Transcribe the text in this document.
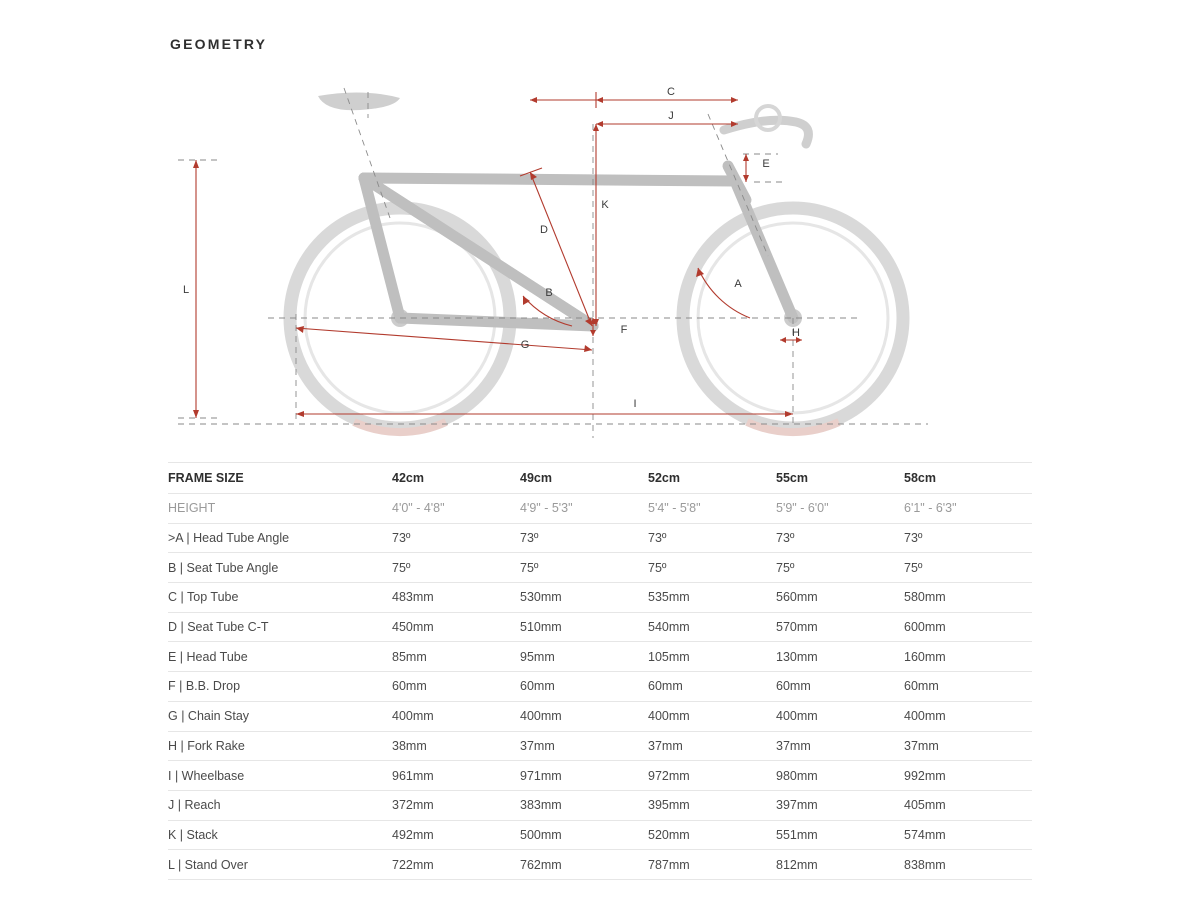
GEOMETRY
C
J
E
K
D
B
A
G
F	H
I
L
FRAME SIZE	42cm	49cm	52cm	55cm	58cm
HEIGHT	4'0" - 4'8"	4'9" - 5'3"	5'4" - 5'8"	5'9" - 6'0"	6'1" - 6'3"
>A | Head Tube Angle	73º	73º	73º	73º	73º
B | Seat Tube Angle	75º	75º	75º	75º	75º
C | Top Tube	483mm	530mm	535mm	560mm	580mm
D | Seat Tube C-T	450mm	510mm	540mm	570mm	600mm
E | Head Tube	85mm	95mm	105mm	130mm	160mm
F | B.B. Drop	60mm	60mm	60mm	60mm	60mm
G | Chain Stay	400mm	400mm	400mm	400mm	400mm
H | Fork Rake	38mm	37mm	37mm	37mm	37mm
I | Wheelbase	961mm	971mm	972mm	980mm	992mm
J | Reach	372mm	383mm	395mm	397mm	405mm
K | Stack	492mm	500mm	520mm	551mm	574mm
L | Stand Over	722mm	762mm	787mm	812mm	838mm
